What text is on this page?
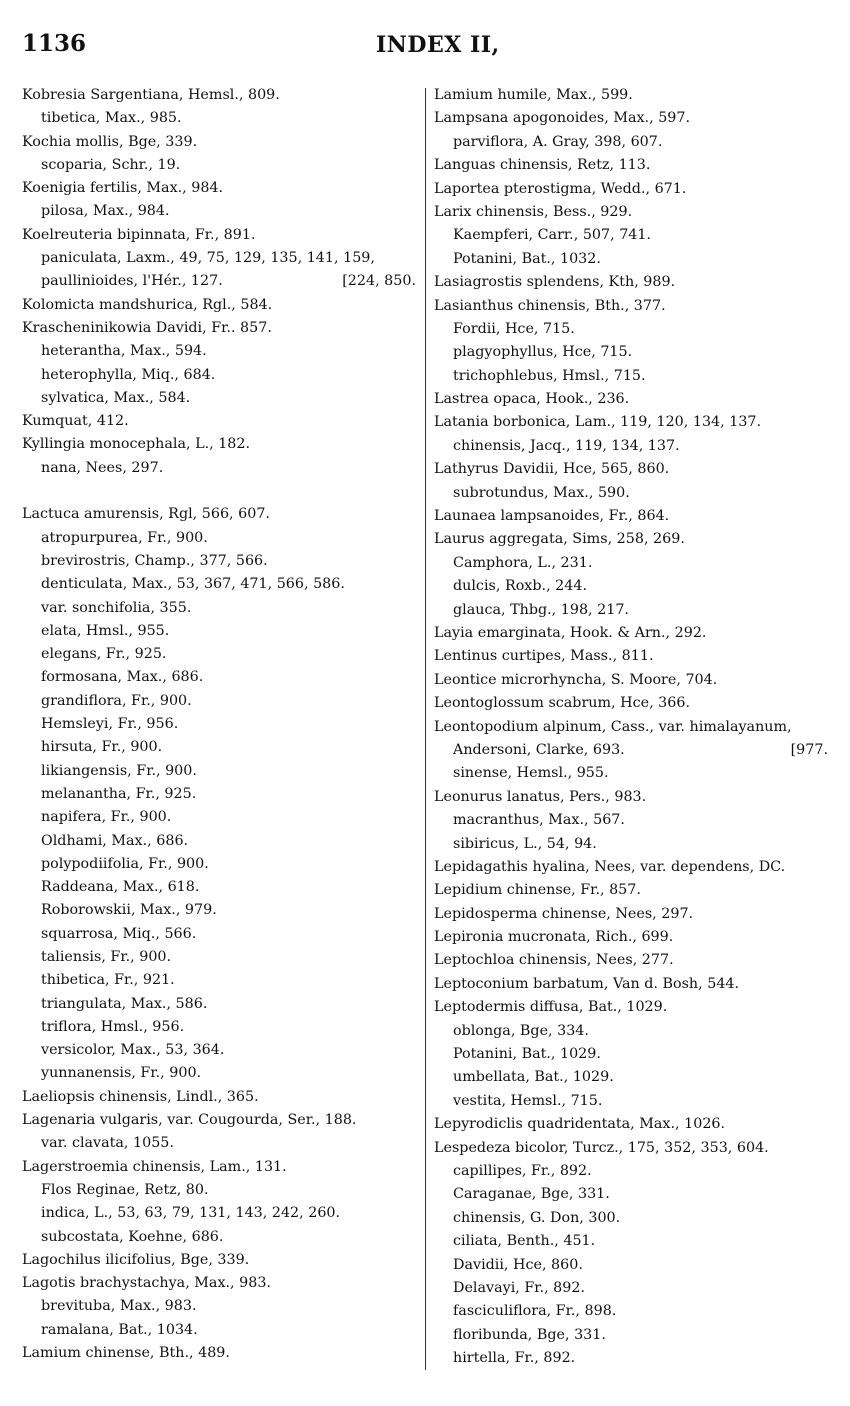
1136	INDEX II,
Kobresia Sargentiana, Hemsl., 809.
tibetica, Max., 985.
Kochia mollis, Bge, 339.
scoparia, Schr., 19.
Koenigia fertilis, Max., 984.
pilosa, Max., 984.
Koelreuteria bipinnata, Fr., 891.
paniculata, Laxm., 49, 75, 129, 135, 141, 159,
paullinioides, l'Hér., 127.	[224, 850.
Kolomicta mandshurica, Rgl., 584.
Krascheninikowia Davidi, Fr.. 857.
heterantha, Max., 594.
heterophylla, Miq., 684.
sylvatica, Max., 584.
Kumquat, 412.
Kyllingia monocephala, L., 182.
nana, Nees, 297.
Lactuca amurensis, Rgl, 566, 607.
atropurpurea, Fr., 900.
brevirostris, Champ., 377, 566.
denticulata, Max., 53, 367, 471, 566, 586.
var. sonchifolia, 355.
elata, Hmsl., 955.
elegans, Fr., 925.
formosana, Max., 686.
grandiflora, Fr., 900.
Hemsleyi, Fr., 956.
hirsuta, Fr., 900.
likiangensis, Fr., 900.
melanantha, Fr., 925.
napifera, Fr., 900.
Oldhami, Max., 686.
polypodiifolia, Fr., 900.
Raddeana, Max., 618.
Roborowskii, Max., 979.
squarrosa, Miq., 566.
taliensis, Fr., 900.
thibetica, Fr., 921.
triangulata, Max., 586.
triflora, Hmsl., 956.
versicolor, Max., 53, 364.
yunnanensis, Fr., 900.
Laeliopsis chinensis, Lindl., 365.
Lagenaria vulgaris, var. Cougourda, Ser., 188.
var. clavata, 1055.
Lagerstroemia chinensis, Lam., 131.
Flos Reginae, Retz, 80.
indica, L., 53, 63, 79, 131, 143, 242, 260.
subcostata, Koehne, 686.
Lagochilus ilicifolius, Bge, 339.
Lagotis brachystachya, Max., 983.
brevituba, Max., 983.
ramalana, Bat., 1034.
Lamium chinense, Bth., 489.
Lamium humile, Max., 599.
Lampsana apogonoides, Max., 597.
parviflora, A. Gray, 398, 607.
Languas chinensis, Retz, 113.
Laportea pterostigma, Wedd., 671.
Larix chinensis, Bess., 929.
Kaempferi, Carr., 507, 741.
Potanini, Bat., 1032.
Lasiagrostis splendens, Kth, 989.
Lasianthus chinensis, Bth., 377.
Fordii, Hce, 715.
plagyophyllus, Hce, 715.
trichophlebus, Hmsl., 715.
Lastrea opaca, Hook., 236.
Latania borbonica, Lam., 119, 120, 134, 137.
chinensis, Jacq., 119, 134, 137.
Lathyrus Davidii, Hce, 565, 860.
subrotundus, Max., 590.
Launaea lampsanoides, Fr., 864.
Laurus aggregata, Sims, 258, 269.
Camphora, L., 231.
dulcis, Roxb., 244.
glauca, Thbg., 198, 217.
Layia emarginata, Hook. & Arn., 292.
Lentinus curtipes, Mass., 811.
Leontice microrhyncha, S. Moore, 704.
Leontoglossum scabrum, Hce, 366.
Leontopodium alpinum, Cass., var. himalayanum,
Andersoni, Clarke, 693.	[977.
sinense, Hemsl., 955.
Leonurus lanatus, Pers., 983.
macranthus, Max., 567.
sibiricus, L., 54, 94.
Lepidagathis hyalina, Nees, var. dependens, DC.
Lepidium chinense, Fr., 857.
Lepidosperma chinense, Nees, 297.
Lepironia mucronata, Rich., 699.
Leptochloa chinensis, Nees, 277.
Leptoconium barbatum, Van d. Bosh, 544.
Leptodermis diffusa, Bat., 1029.
oblonga, Bge, 334.
Potanini, Bat., 1029.
umbellata, Bat., 1029.
vestita, Hemsl., 715.
Lepyrodiclis quadridentata, Max., 1026.
Lespedeza bicolor, Turcz., 175, 352, 353, 604.
capillipes, Fr., 892.
Caraganae, Bge, 331.
chinensis, G. Don, 300.
ciliata, Benth., 451.
Davidii, Hce, 860.
Delavayi, Fr., 892.
fasciculiflora, Fr., 898.
floribunda, Bge, 331.
hirtella, Fr., 892.
